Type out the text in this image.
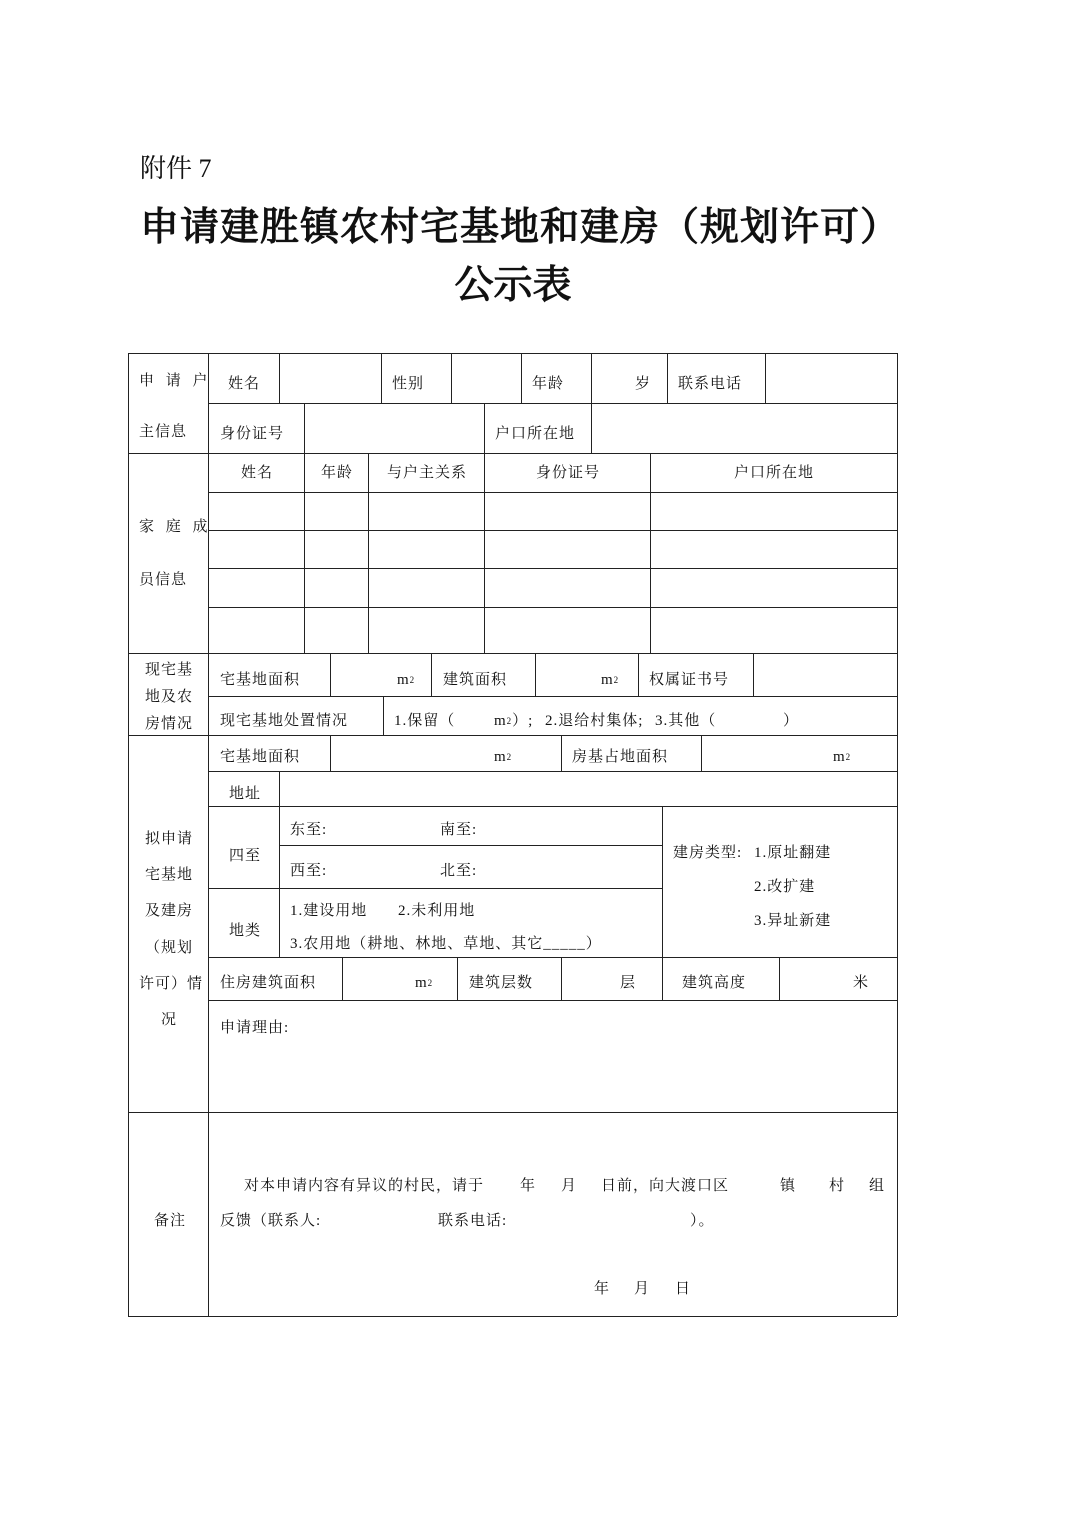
附件 7
申请建胜镇农村宅基地和建房（规划许可）
公示表
申 请 户
主信息
姓名	性别	年龄	岁 联系电话
身份证号	户口所在地
家 庭 成
员信息
姓名	年龄 与户主关系	身份证号	户口所在地
现宅基
地及农
房情况
宅基地面积	$m^2$ 建筑面积	$m^2$ 权属证书号
现宅基地处置情况	1.保留（	$m^2$）; 2.退给村集体; 3.其他（	）
拟申请
宅基地
及建房
（规划
许可）情
况
宅基地面积	$m^2$	房基占地面积	$m^2$
地址
四至
东至:	南至:
西至:	北至:
地类
1.建设用地 2.未利用地
3.农用地（耕地、林地、草地、其它_____）
建房类型: 1.原址翻建
2.改扩建
3.异址新建
住房建筑面积	$m^2$ 建筑层数	层	建筑高度	米
申请理由:
备注
对本申请内容有异议的村民，请于 年 月 日前，向大渡口区	镇 村 组
反馈（联系人:	联系电话:	）。
年 月 日
